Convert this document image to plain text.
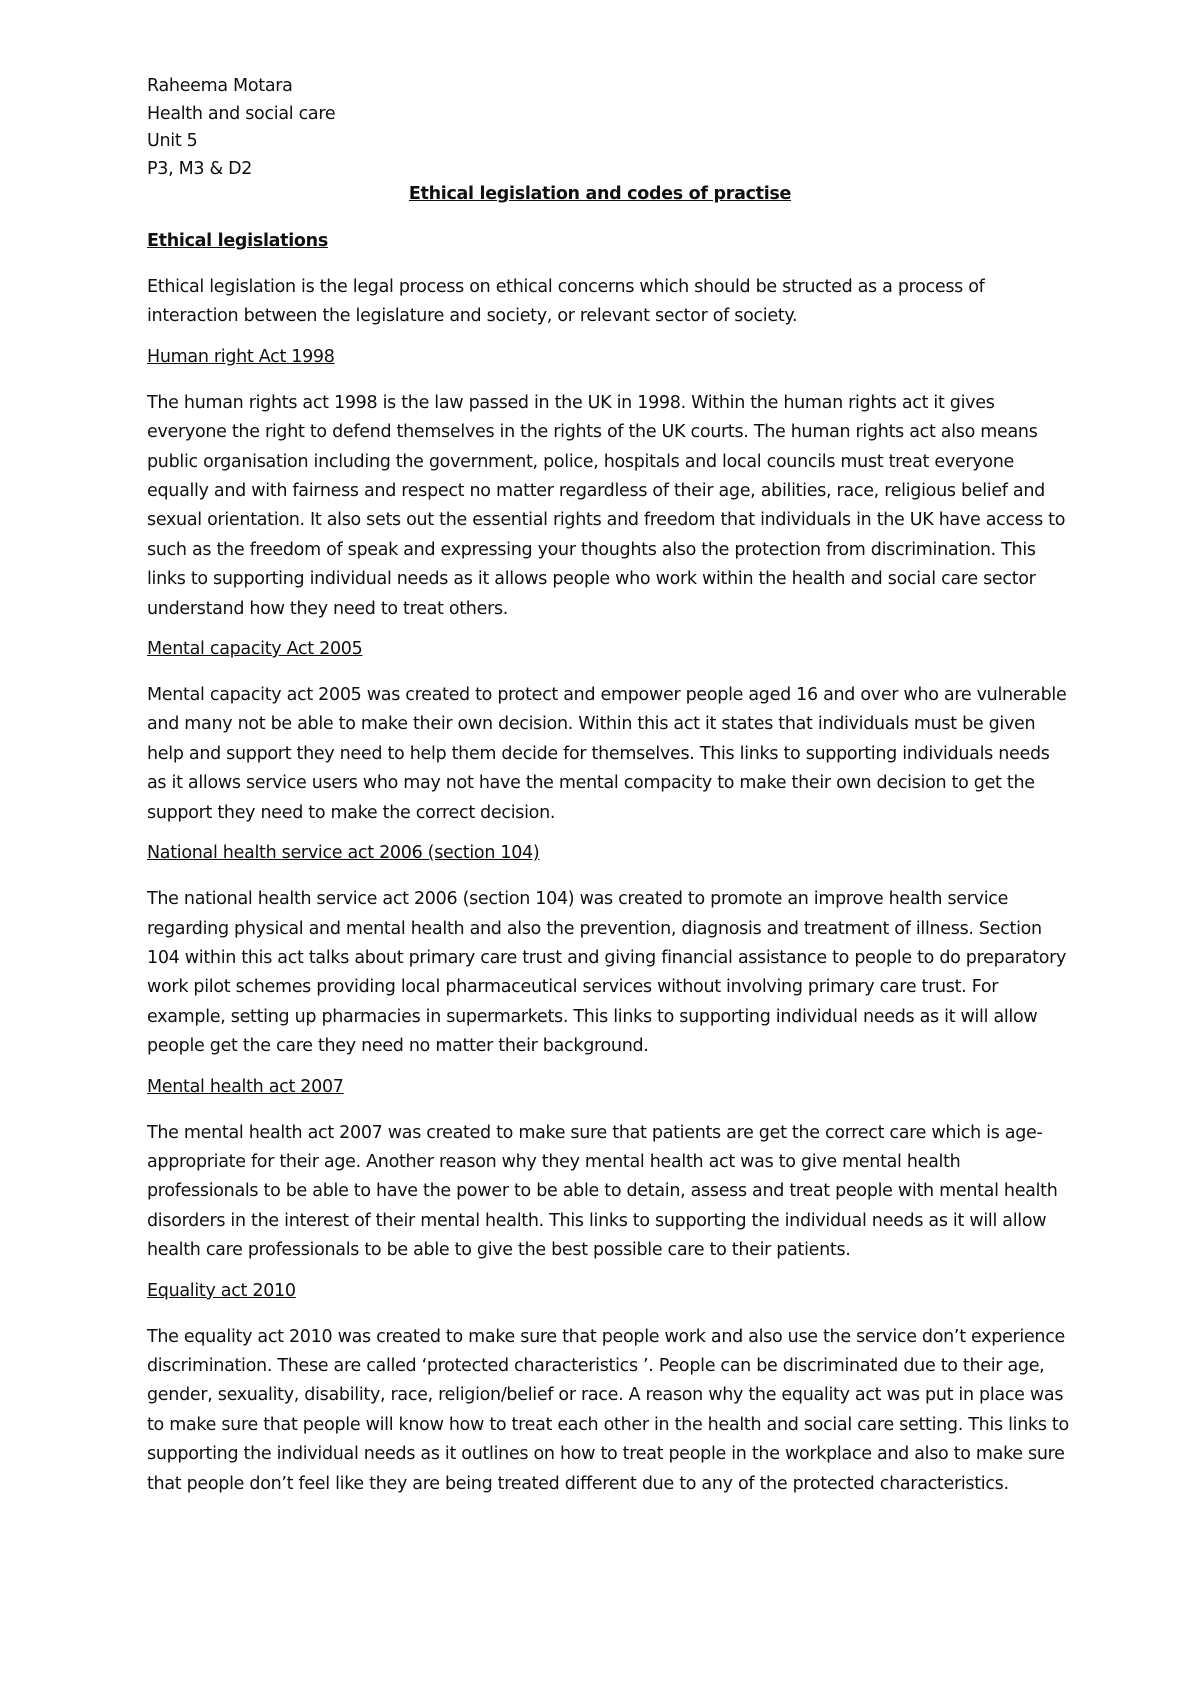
Raheema Motara
Health and social care
Unit 5
P3, M3 & D2
Ethical legislation and codes of practise

Ethical legislations

Ethical legislation is the legal process on ethical concerns which should be structed as a process of interaction between the legislature and society, or relevant sector of society.

Human right Act 1998

The human rights act 1998 is the law passed in the UK in 1998. Within the human rights act it gives everyone the right to defend themselves in the rights of the UK courts. The human rights act also means public organisation including the government, police, hospitals and local councils must treat everyone equally and with fairness and respect no matter regardless of their age, abilities, race, religious belief and sexual orientation. It also sets out the essential rights and freedom that individuals in the UK have access to such as the freedom of speak and expressing your thoughts also the protection from discrimination. This links to supporting individual needs as it allows people who work within the health and social care sector understand how they need to treat others.

Mental capacity Act 2005

Mental capacity act 2005 was created to protect and empower people aged 16 and over who are vulnerable and many not be able to make their own decision. Within this act it states that individuals must be given help and support they need to help them decide for themselves. This links to supporting individuals needs as it allows service users who may not have the mental compacity to make their own decision to get the support they need to make the correct decision.

National health service act 2006 (section 104)

The national health service act 2006 (section 104) was created to promote an improve health service regarding physical and mental health and also the prevention, diagnosis and treatment of illness. Section 104 within this act talks about primary care trust and giving financial assistance to people to do preparatory work pilot schemes providing local pharmaceutical services without involving primary care trust. For example, setting up pharmacies in supermarkets. This links to supporting individual needs as it will allow people get the care they need no matter their background.

Mental health act 2007

The mental health act 2007 was created to make sure that patients are get the correct care which is age-appropriate for their age. Another reason why they mental health act was to give mental health professionals to be able to have the power to be able to detain, assess and treat people with mental health disorders in the interest of their mental health. This links to supporting the individual needs as it will allow health care professionals to be able to give the best possible care to their patients.

Equality act 2010

The equality act 2010 was created to make sure that people work and also use the service don’t experience discrimination. These are called ‘protected characteristics ’. People can be discriminated due to their age, gender, sexuality, disability, race, religion/belief or race. A reason why the equality act was put in place was to make sure that people will know how to treat each other in the health and social care setting. This links to supporting the individual needs as it outlines on how to treat people in the workplace and also to make sure that people don’t feel like they are being treated different due to any of the protected characteristics.
